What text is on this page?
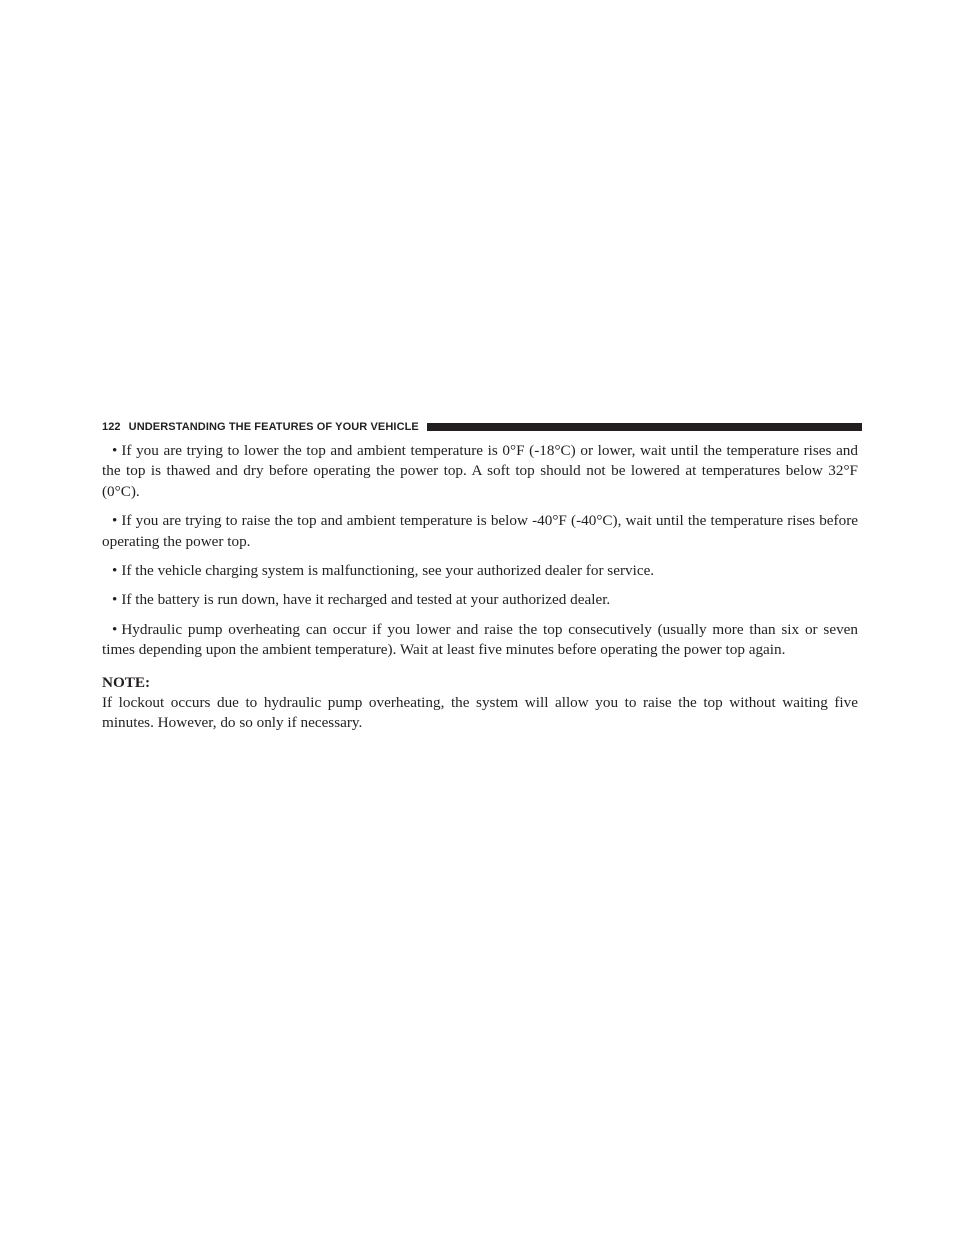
122 UNDERSTANDING THE FEATURES OF YOUR VEHICLE

• If you are trying to lower the top and ambient temperature is 0°F (-18°C) or lower, wait until the temperature rises and the top is thawed and dry before operating the power top. A soft top should not be lowered at temperatures below 32°F (0°C).

• If you are trying to raise the top and ambient temperature is below -40°F (-40°C), wait until the temperature rises before operating the power top.

• If the vehicle charging system is malfunctioning, see your authorized dealer for service.

• If the battery is run down, have it recharged and tested at your authorized dealer.

• Hydraulic pump overheating can occur if you lower and raise the top consecutively (usually more than six or seven times depending upon the ambient temperature). Wait at least five minutes before operating the power top again.

NOTE:

If lockout occurs due to hydraulic pump overheating, the system will allow you to raise the top without waiting five minutes. However, do so only if necessary.
